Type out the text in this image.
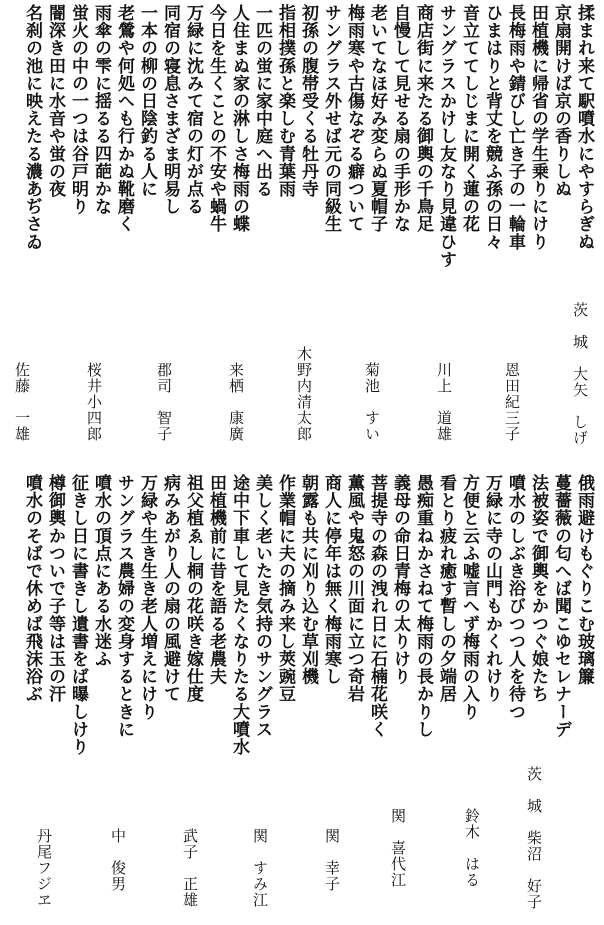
揉まれ来て駅噴水にやすらぎぬ
京扇開けば京の香りしぬ
田植機に帰省の学生乗りにけり
長梅雨や錆びし亡き子の一輪車
ひまはりと背丈を競ふ孫の日々
音立ててしじまに開く蓮の花
サングラスかけし友なり見違ひす
商店街に来たる御輿の千鳥足
自慢して見せる扇の手形かな
老いてなほ好み変らぬ夏帽子
梅雨寒や古傷なぞる癖ついて
サングラス外せば元の同級生
初孫の腹帯受くる牡丹寺
指相撲孫と楽しむ青葉雨
一匹の蛍に家中庭へ出る
人住まぬ家の淋しさ梅雨の蝶
今日を生くことの不安や蝸牛
万緑に沈みて宿の灯が点る
同宿の寝息さまざま明易し
一本の柳の日陰釣る人に
老鶯や何処へも行かぬ靴磨く
雨傘の雫に揺るる四葩かな
蛍火の中の一つは谷戸明り
闇深き田に水音や蛍の夜
名刹の池に映えたる濃あぢさゐ
茨　城　大矢　しげ
恩田紀三子
川上　道雄
菊池　すい
木野内清太郎
来栖　康廣
郡司　智子
桜井小四郎
佐藤　一雄
俄雨避けもぐりこむ玻璃簾
蔓薔薇の匂へば聞こゆセレナーデ
法被姿で御輿をかつぐ娘たち
噴水のしぶき浴びつつ人を待つ
万緑に寺の山門もかくれけり
方便と云ふ嘘言へず梅雨の入り
看とり疲れ癒す暫しの夕端居
愚痴重ねかさねて梅雨の長かりし
義母の命日青梅の太りけり
菩提寺の森の洩れ日に石楠花咲く
薫風や鬼怒の川面に立つ奇岩
商人に停年は無く梅雨寒し
朝露も共に刈り込む草刈機
作業帽に夫の摘み来し莢豌豆
美しく老いたき気持のサングラス
途中下車して見たくなりたる大噴水
田植機前に昔を語る老農夫
祖父植ゑし桐の花咲き嫁仕度
病みあがり人の扇の風避けて
万緑や生き生き老人増えにけり
サングラス農婦の変身するときに
噴水の頂点にある水迷ふ
征きし日に書きし遺書をば曝しけり
樽御輿かついで子等は玉の汗
噴水のそばで休めば飛沫浴ぶ
茨　城　柴沼　好子
鈴木　はる
関　喜代江
関　幸子
関　すみ江
武子　正雄
中　俊男
丹尾フジヱ
